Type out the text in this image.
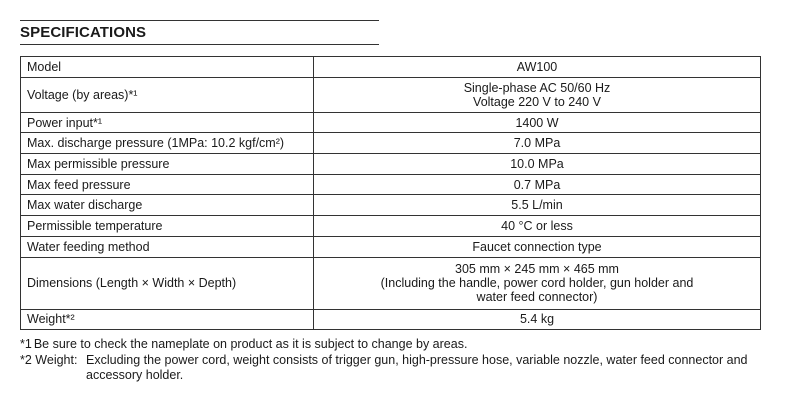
SPECIFICATIONS
Model	AW100

Voltage (by areas)*¹	Single-phase AC 50/60 Hz
Voltage 220 V to 240 V

Power input*¹	1400 W

Max. discharge pressure (1MPa: 10.2 kgf/cm²)	7.0 MPa

Max permissible pressure	10.0 MPa

Max feed pressure	0.7 MPa

Max water discharge	5.5 L/min

Permissible temperature	40 °C or less

Water feeding method	Faucet connection type

Dimensions (Length × Width × Depth)	305 mm × 245 mm × 465 mm
(Including the handle, power cord holder, gun holder and
water feed connector)

Weight*²	5.4 kg
*1 Be sure to check the nameplate on product as it is subject to change by areas.
*2 Weight: Excluding the power cord, weight consists of trigger gun, high-pressure hose, variable nozzle, water feed connector and accessory holder.
